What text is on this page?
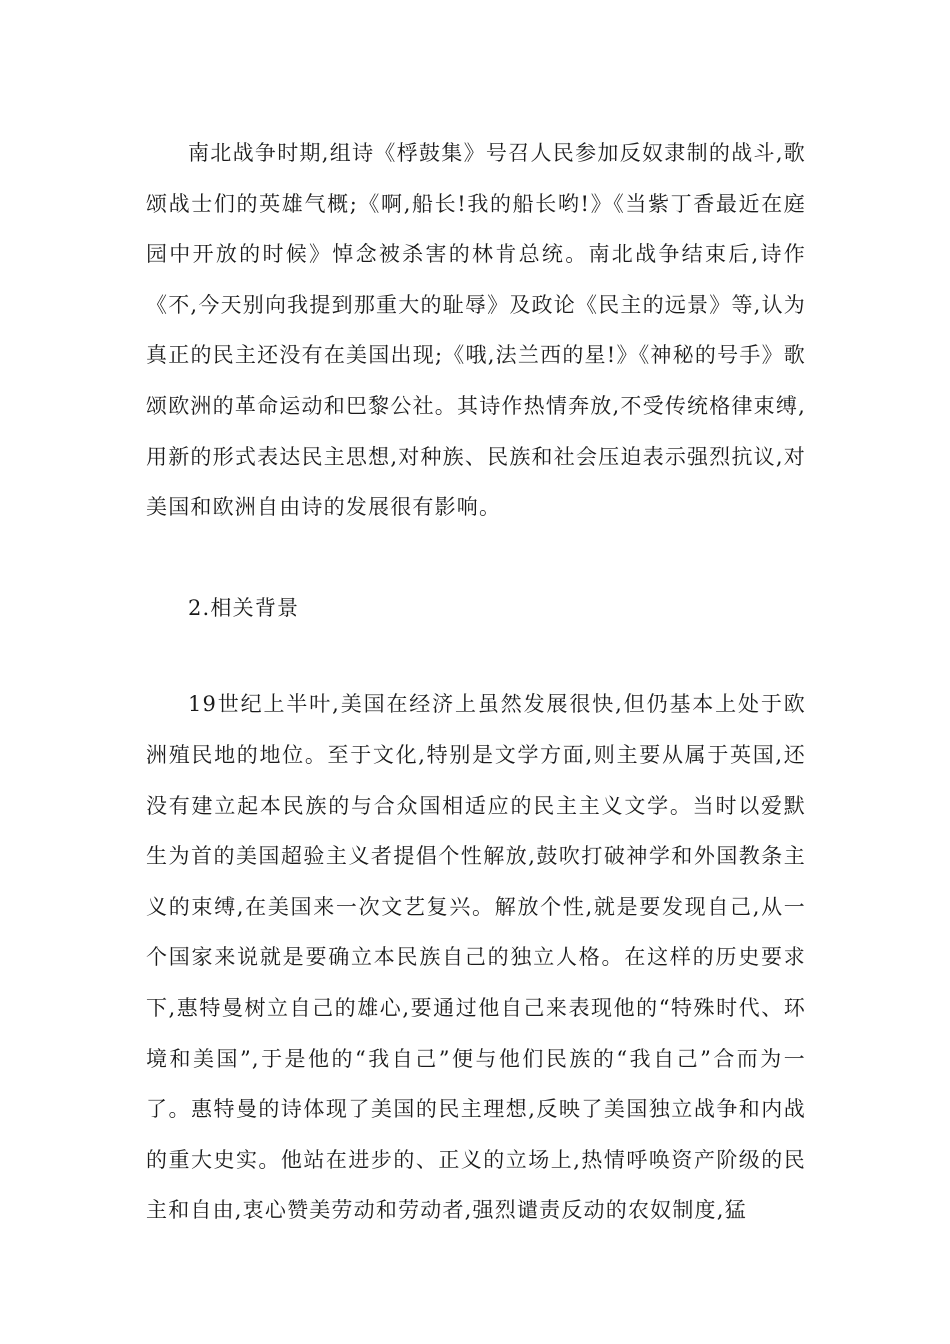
南北战争时期,组诗《桴鼓集》号召人民参加反奴隶制的战斗,歌颂战士们的英雄气概;《啊,船长!我的船长哟!》《当紫丁香最近在庭园中开放的时候》悼念被杀害的林肯总统。南北战争结束后,诗作《不,今天别向我提到那重大的耻辱》及政论《民主的远景》等,认为真正的民主还没有在美国出现;《哦,法兰西的星!》《神秘的号手》歌颂欧洲的革命运动和巴黎公社。其诗作热情奔放,不受传统格律束缚,用新的形式表达民主思想,对种族、民族和社会压迫表示强烈抗议,对美国和欧洲自由诗的发展很有影响。

2.相关背景

19世纪上半叶,美国在经济上虽然发展很快,但仍基本上处于欧洲殖民地的地位。至于文化,特别是文学方面,则主要从属于英国,还没有建立起本民族的与合众国相适应的民主主义文学。当时以爱默生为首的美国超验主义者提倡个性解放,鼓吹打破神学和外国教条主义的束缚,在美国来一次文艺复兴。解放个性,就是要发现自己,从一个国家来说就是要确立本民族自己的独立人格。在这样的历史要求下,惠特曼树立自己的雄心,要通过他自己来表现他的“特殊时代、环境和美国”,于是他的“我自己”便与他们民族的“我自己”合而为一了。惠特曼的诗体现了美国的民主理想,反映了美国独立战争和内战的重大史实。他站在进步的、正义的立场上,热情呼唤资产阶级的民主和自由,衷心赞美劳动和劳动者,强烈谴责反动的农奴制度,猛
